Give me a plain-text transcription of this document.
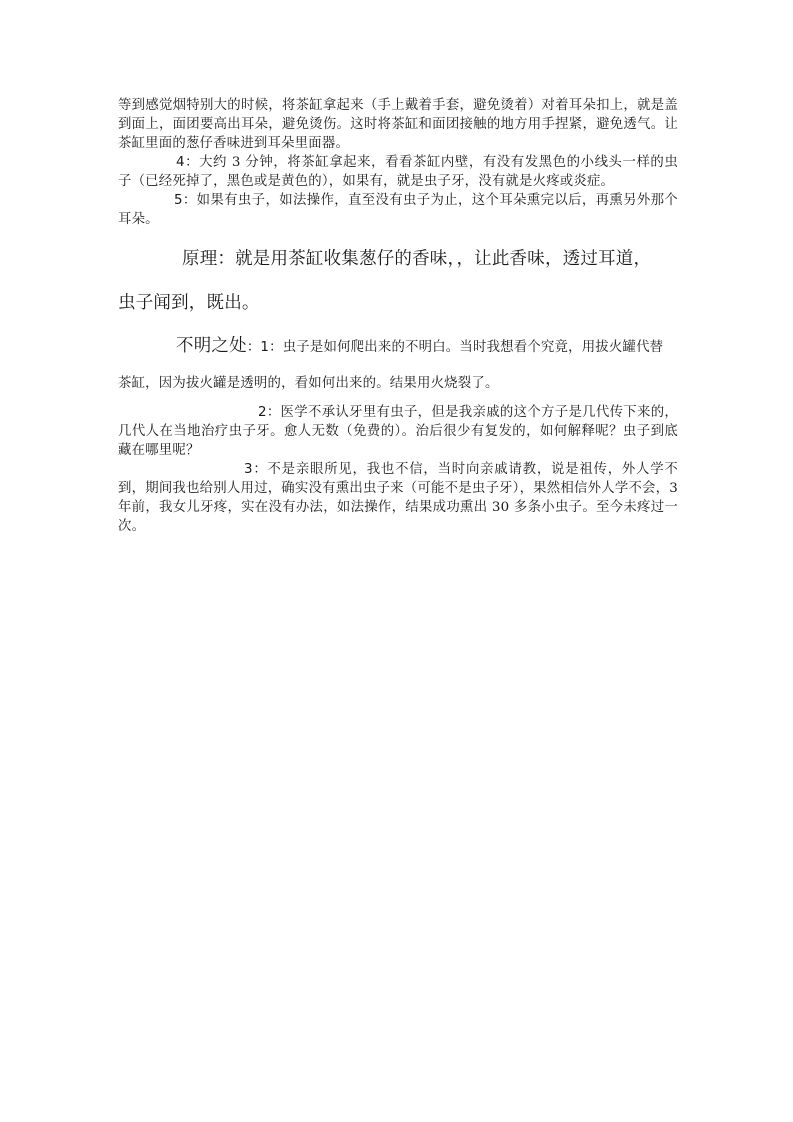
等到感觉烟特别大的时候，将茶缸拿起来（手上戴着手套，避免烫着）对着耳朵扣上，就是盖到面上，面团要高出耳朵，避免烫伤。这时将茶缸和面团接触的地方用手捏紧，避免透气。让茶缸里面的葱仔香味进到耳朵里面器。

4：大约 3 分钟，将茶缸拿起来，看看茶缸内壁，有没有发黑色的小线头一样的虫子（已经死掉了，黑色或是黄色的），如果有，就是虫子牙，没有就是火疼或炎症。

5：如果有虫子，如法操作，直至没有虫子为止，这个耳朵熏完以后，再熏另外那个耳朵。

原理：就是用茶缸收集葱仔的香味，，让此香味，透过耳道，

虫子闻到，既出。

不明之处：1：虫子是如何爬出来的不明白。当时我想看个究竟，用拔火罐代替

茶缸，因为拔火罐是透明的，看如何出来的。结果用火烧裂了。

2：医学不承认牙里有虫子，但是我亲戚的这个方子是几代传下来的，几代人在当地治疗虫子牙。愈人无数（免费的）。治后很少有复发的，如何解释呢？虫子到底藏在哪里呢？

3：不是亲眼所见，我也不信，当时向亲戚请教，说是祖传，外人学不到，期间我也给别人用过，确实没有熏出虫子来（可能不是虫子牙），果然相信外人学不会，3 年前，我女儿牙疼，实在没有办法，如法操作，结果成功熏出 30 多条小虫子。至今未疼过一次。
